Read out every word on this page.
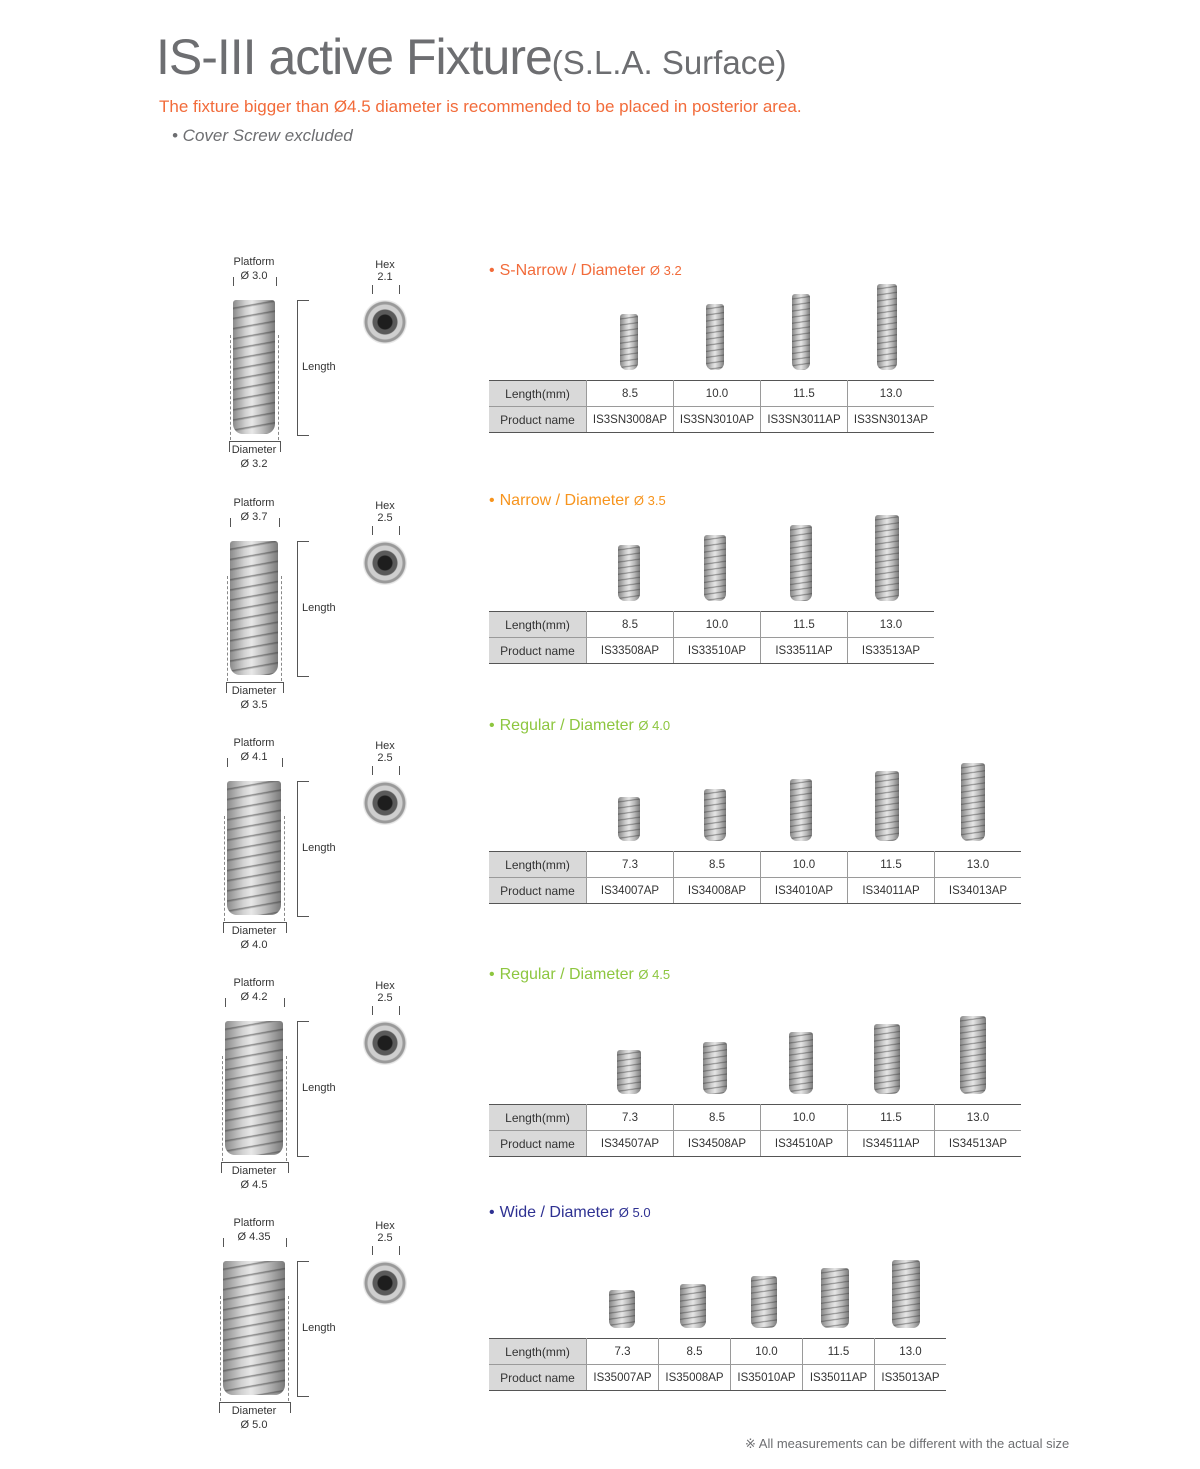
IS-III active Fixture(S.L.A. Surface)
The fixture bigger than Ø4.5 diameter is recommended to be placed in posterior area.
• Cover Screw excluded
Platform
Ø 3.0
Length
Diameter
Ø 3.2
Hex
2.1	• S-Narrow / Diameter Ø 3.2
Length(mm)	8.5	10.0	11.5	13.0
Product name	IS3SN3008AP	IS3SN3010AP	IS3SN3011AP	IS3SN3013AP
Platform
Ø 3.7
Length
Diameter
Ø 3.5
Hex
2.5
• Narrow / Diameter Ø 3.5
Length(mm)	8.5	10.0	11.5	13.0
Product name	IS33508AP	IS33510AP	IS33511AP	IS33513AP
Platform
Ø 4.1
Length
Diameter
Ø 4.0
Hex
2.5
• Regular / Diameter Ø 4.0
Length(mm)	7.3	8.5	10.0	11.5	13.0
Product name	IS34007AP	IS34008AP	IS34010AP	IS34011AP	IS34013AP
Platform
Ø 4.2
Length
Diameter
Ø 4.5
Hex
2.5
• Regular / Diameter Ø 4.5
Length(mm)	7.3	8.5	10.0	11.5	13.0
Product name	IS34507AP	IS34508AP	IS34510AP	IS34511AP	IS34513AP
Platform
Ø 4.35
Length
Diameter
Ø 5.0
Hex
2.5
• Wide / Diameter Ø 5.0
Length(mm)	7.3	8.5	10.0	11.5	13.0
Product name	IS35007AP	IS35008AP	IS35010AP	IS35011AP	IS35013AP
※ All measurements can be different with the actual size
